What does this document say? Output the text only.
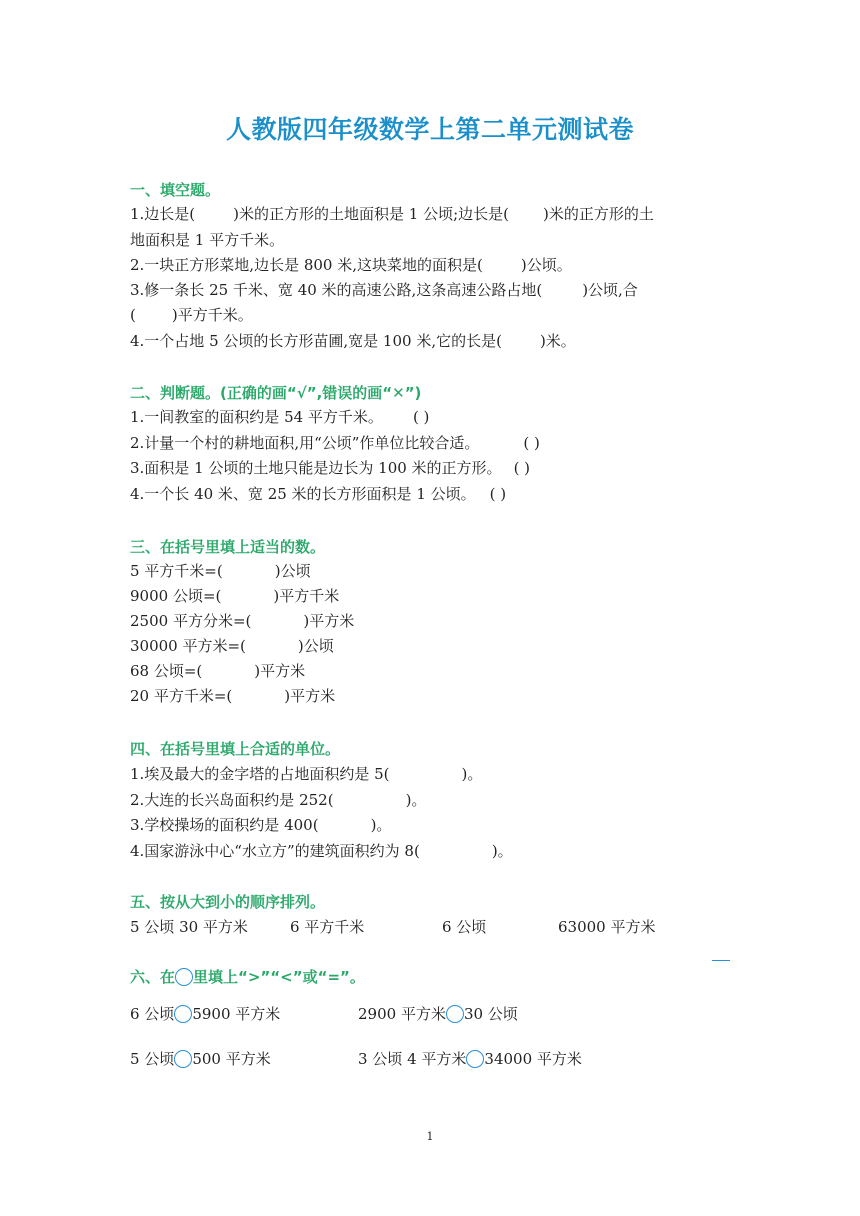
人教版四年级数学上第二单元测试卷
一、填空题。
1.边长是(	)米的正方形的土地面积是 1 公顷;边长是( )米的正方形的土
地面积是 1 平方千米。
2.一块正方形菜地,边长是 800 米,这块菜地的面积是(	)公顷。
3.修一条长 25 千米、宽 40 米的高速公路,这条高速公路占地(	)公顷,合
( )平方千米。
4.一个占地 5 公顷的长方形苗圃,宽是 100 米,它的长是(	)米。
二、判断题。(正确的画“√”,错误的画“✕”)
1.一间教室的面积约是 54 平方千米。 ( )
2.计量一个村的耕地面积,用“公顷”作单位比较合适。	( )
3.面积是 1 公顷的土地只能是边长为 100 米的正方形。 ( )
4.一个长 40 米、宽 25 米的长方形面积是 1 公顷。 ( )
三、在括号里填上适当的数。
5 平方千米=(	)公顷
9000 公顷=(	)平方千米
2500 平方分米=(	)平方米
30000 平方米=(	)公顷
68 公顷=(	)平方米
20 平方千米=(	)平方米
四、在括号里填上合适的单位。
1.埃及最大的金字塔的占地面积约是 5(	)。
2.大连的长兴岛面积约是 252(	)。
3.学校操场的面积约是 400(	)。
4.国家游泳中心“水立方”的建筑面积约为 8(	)。
五、按从大到小的顺序排列。
5 公顷 30 平方米	6 平方千米	6 公顷	63000 平方米
六、在 里填上“>”“<”或“=”。
6 公顷 5900 平方米	2900 平方米 30 公顷
5 公顷 500 平方米	3 公顷 4 平方米 34000 平方米
1
